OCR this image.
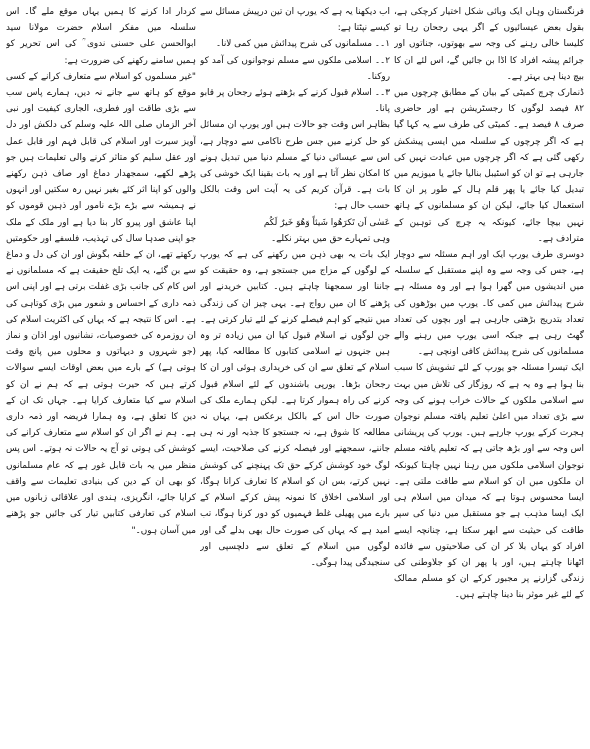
فرنگستان وہاں ایک وبائی شکل اختیار کرچکی ہے، بقول بعض عیسائیوں کے اگر یہی رجحان رہا تو کلیسا خالی رہنے کی وجہ سے بھوتوں، جناتوں اور جرائم پیشہ افراد کا اڈا بن جائیں گے، اس لئے ان کا بیچ دینا ہی بہتر ہے۔

ڈنمارک چرچ کمیٹی کے بیان کے مطابق چرچوں میں ۸۲ فیصد لوگوں کا رجسٹریشن ہے اور حاضری صرف ۸ فیصد ہے۔ کمیٹی کی طرف سے یہ کہا گیا ہے کہ اگر چرچوں کے سلسلہ میں ایسی پیشکش رکھی گئی ہے کہ اگر چرچوں میں عبادت نہیں کی جارہی ہے تو ان کو اسٹیبل بنالیا جائے یا میوزیم میں تبدیل کیا جائے یا پھر قلم ہال کے طور پر ان کا استعمال کیا جائے، لیکن ان کو مسلمانوں کے ہاتھ نہیں بیچا جائے، کیونکہ یہ چرچ کی توہین کے مترادف ہے۔

دوسری طرف یورپ ایک اور اہم مسئلہ سے دوچار ہے، جس کی وجہ سے وہ اپنے مستقبل کے سلسلہ میں اندیشوں میں گھرا ہوا ہے اور وہ مسئلہ ہے شرح پیدائش میں کمی کا۔ یورپ میں بوڑھوں کی تعداد بتدریج بڑھتی جارہی ہے اور بچوں کی تعداد گھٹ رہی ہے جبکہ اسی یورپ میں رہنے والے مسلمانوں کی شرح پیدائش کافی اونچی ہے۔

ایک تیسرا مسئلہ جو یورپ کے لئے تشویش کا سبب بنا ہوا ہے وہ یہ ہے کہ روزگار کی تلاش میں بہت سے اسلامی ملکوں کے حالات خراب ہونے کی وجہ سے بڑی تعداد میں اعلیٰ تعلیم یافتہ مسلم نوجوان ہجرت کرکے یورپ جارہے ہیں۔ یورپ کی پریشانی اس وجہ سے اور بڑھ جاتی ہے کہ تعلیم یافتہ مسلم نوجوان اسلامی ملکوں میں رہنا نہیں چاہتا کیونکہ ان ملکوں میں ان کو اسلام سے طاقت ملتی ہے۔ ایسا محسوس ہوتا ہے کہ میدان میں اسلام ہی ایک ایسا مذہب ہے جو مستقبل میں دنیا کی سپر طاقت کی حیثیت سے ابھر سکتا ہے، چنانچہ ایسے افراد کو یہاں بلا کر ان کی صلاحیتوں سے فائدہ اٹھانا چاہتے ہیں، اور یا پھر ان کو جلاوطنی کی زندگی گزارنے پر مجبور کرکے ان کو مسلم ممالک کے لئے غیر موثر بنا دینا چاہتے ہیں۔

اب دیکھنا یہ ہے کہ یورپ ان تین درپیش مسائل سے کیسے نپٹتا ہے:

۱۔۔ مسلمانوں کی شرح پیدائش میں کمی لانا۔

۲۔۔ اسلامی ملکوں سے مسلم نوجوانوں کی آمد کو روکنا۔

۳۔۔ اسلام قبول کرنے کے بڑھتے ہوئے رجحان پر قابو پانا۔

بظاہر اس وقت جو حالات ہیں اور یورپ ان مسائل کو حل کرنے میں جس طرح ناکامی سے دوچار ہے، اس سے عیسائی دنیا کے مسلم دنیا میں تبدیل ہونے کا امکان نظر آتا ہے اور یہ بات بقینا ایک خوشی کی بات ہے۔ قرآن کریم کی یہ آیت اس وقت بالکل حسب حال ہے:

عَسٰی اَن تَکرَھُوا شَیئاً وَھُوَ خَیرٌ لَکُم

وہی تمہارے حق میں بہتر نکلے۔

ایک بات یہ بھی ذہن میں رکھنے کی ہے کہ یورپ کے لوگوں کے مزاج میں جستجو ہے، وہ حقیقت کو جاننا اور سمجھنا چاہتے ہیں۔ کتابیں خریدنے اور پڑھنے کا ان میں رواج ہے۔ یہی چیز ان کی زندگی میں نتیجے کو اہم فیصلے کرنے کے لئے تیار کرتی ہے۔ جن لوگوں نے اسلام قبول کیا ان میں زیادہ تر وہ ہیں جنہوں نے اسلامی کتابوں کا مطالعہ کیا، پھر اسلام کے تعلق سے ان کی خریداری ہوئی اور ان کا رجحان بڑھا۔ یورپی باشندوں کے لئے اسلام قبول کرنے کی راہ ہموار کرتا ہے۔ لیکن ہمارے ملک کی صورت حال اس کے بالکل برعکس ہے، یہاں نہ مطالعہ کا شوق ہے، نہ جستجو کا جذبہ اور نہ ہی جاننے، سمجھنے اور فیصلہ کرنے کی صلاحیت، ایسے لوگ خود کوشش کرکے حق تک پہنچنے کی کوشش نہیں کرتے، بس ان کو اسلام کا تعارف کرانا ہوگا، اور اسلامی اخلاق کا نمونہ پیش کرکے اسلام کے بارے میں پھیلی غلط فہمیوں کو دور کرنا ہوگا، تب امید ہے کہ یہاں کی صورت حال بھی بدلے گی اور لوگوں میں اسلام کے تعلق سے دلچسپی اور سنجیدگی پیدا ہوگی۔

کردار ادا کرنے کا ہمیں یہاں موقع ملے گا۔ اس سلسلہ میں مفکر اسلام حضرت مولانا سید ابوالحسن علی حسنی ندوی ؒ کی اس تحریر کو ہمیں سامنے رکھنے کی ضرورت ہے:

"غیر مسلموں کو اسلام سے متعارف کرانے کے کسی موقع کو ہاتھ سے جانے نہ دیں، ہمارے پاس سب سے بڑی طاقت اور فطری، الجاری کیفیت اور نبی آخر الزماں صلی اللہ علیہ وسلم کی دلکش اور دل آویز سیرت اور اسلام کی قابل فہم اور قابل عمل اور عقل سلیم کو متاثر کرنے والی تعلیمات ہیں جو پڑھے لکھے، سمجھدار دماغ اور صاف ذہن رکھنے والوں کو اپنا اثر کئے بغیر نہیں رہ سکتیں اور انہوں نے ہمیشہ سے بڑے بڑے نامور اور ذہین قوموں کو اپنا عاشق اور پیرو کار بنا دیا ہے اور ملک کے ملک جو اپنی صدہا سال کی تہذیب، فلسفے اور حکومتیں رکھتے تھے، ان کے حلقہ بگوش اور ان کی دل و دماغ سے بن گئے، یہ ایک تلخ حقیقت ہے کہ مسلمانوں نے اس کام کی جانب بڑی غفلت برتی ہے اور اپنی اس ذمہ داری کے احساس و شعور میں بڑی کوتاہی کی ہے۔ اس کا نتیجہ ہے کہ یہاں کی اکثریت اسلام کی ان روزمرہ کی خصوصیات، نشانیوں اور اذان و نماز (جو شہروں و دیہاتوں و محلوں میں پانچ وقت ہوتی ہے) کے بارے میں بعض اوقات ایسے سوالات کرتے ہیں کہ حیرت ہوتی ہے کہ ہم نے ان کو اسلام سے کیا متعارف کرایا ہے۔ جہاں تک ان کے دین کا تعلق ہے، وہ ہمارا فریضہ اور ذمہ داری ہے۔ ہم نے اگر ان کو اسلام سے متعارف کرانے کی کوشش کی ہوتی تو آج یہ حالات نہ ہوتے۔ اس پس منظر میں یہ بات قابل غور ہے کہ عام مسلمانوں کو بھی ان کے دین کی بنیادی تعلیمات سے واقف کرایا جائے، انگریزی، ہندی اور علاقائی زبانوں میں اسلام کی تعارفی کتابیں تیار کی جائیں جو پڑھنے میں آسان ہوں۔"
